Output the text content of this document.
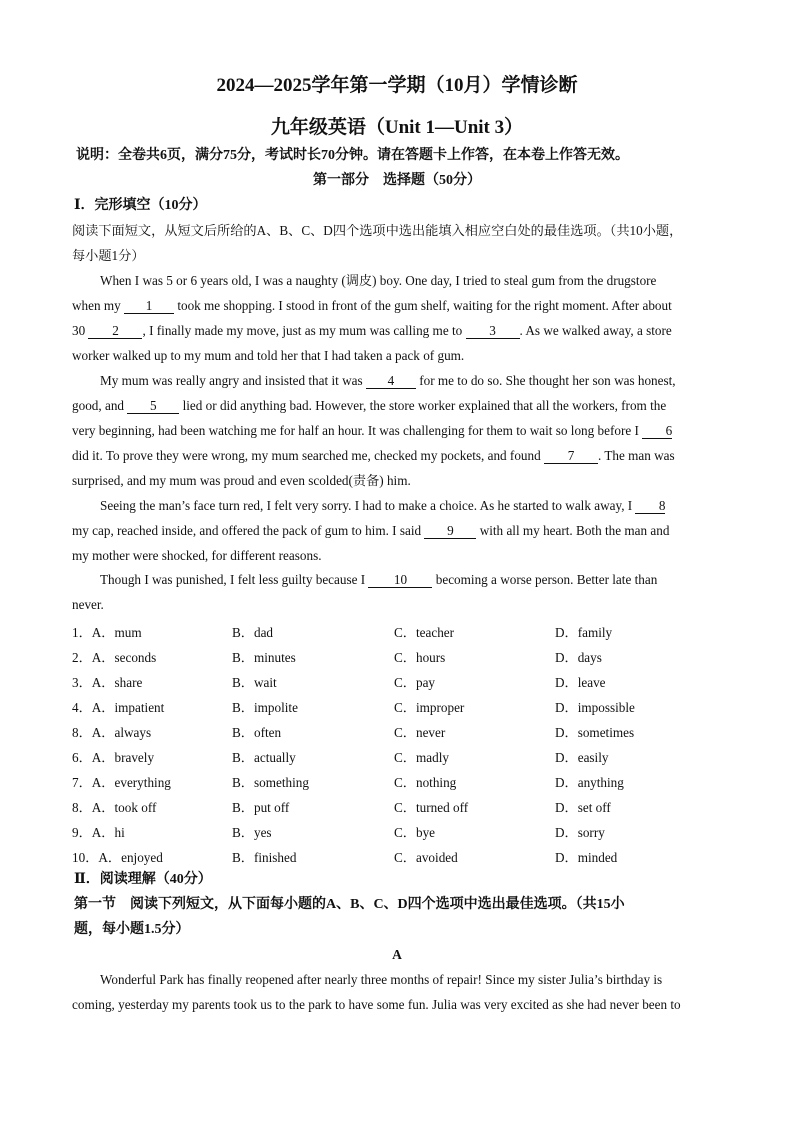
2024—2025学年第一学期（10月）学情诊断
九年级英语（Unit 1—Unit 3）
说明：全卷共6页，满分75分，考试时长70分钟。请在答题卡上作答，在本卷上作答无效。
第一部分　选择题（50分）
Ⅰ．完形填空（10分）
阅读下面短文，从短文后所给的A、B、C、D四个选项中选出能填入相应空白处的最佳选项。（共10小题，
每小题1分）
When I was 5 or 6 years old, I was a naughty (调皮) boy. One day, I tried to steal gum from the drugstore
when my 1 took me shopping. I stood in front of the gum shelf, waiting for the right moment. After about
30 2 , I finally made my move, just as my mum was calling me to 3 . As we walked away, a store
worker walked up to my mum and told her that I had taken a pack of gum.
My mum was really angry and insisted that it was 4 for me to do so. She thought her son was honest,
good, and 5 lied or did anything bad. However, the store worker explained that all the workers, from the
very beginning, had been watching me for half an hour. It was challenging for them to wait so long before I 6
did it. To prove they were wrong, my mum searched me, checked my pockets, and found 7 . The man was
surprised, and my mum was proud and even scolded(责备) him.
Seeing the man’s face turn red, I felt very sorry. I had to make a choice. As he started to walk away, I 8
my cap, reached inside, and offered the pack of gum to him. I said 9 with all my heart. Both the man and
my mother were shocked, for different reasons.
Though I was punished, I felt less guilty because I 10 becoming a worse person. Better late than
never.
1．A．mum	B．dad	C．teacher	D．family
2．A．seconds	B．minutes	C．hours	D．days
3．A．share	B．wait	C．pay	D．leave
4．A．impatient	B．impolite	C．improper	D．impossible
8．A．always	B．often	C．never	D．sometimes
6．A．bravely	B．actually	C．madly	D．easily
7．A．everything	B．something	C．nothing	D．anything
8．A．took off	B．put off	C．turned off	D．set off
9．A．hi	B．yes	C．bye	D．sorry
10．A．enjoyed	B．finished	C．avoided	D．minded
Ⅱ．阅读理解（40分）
第一节　阅读下列短文，从下面每小题的A、B、C、D四个选项中选出最佳选项。（共15小
题，每小题1.5分）
A
Wonderful Park has finally reopened after nearly three months of repair! Since my sister Julia’s birthday is
coming, yesterday my parents took us to the park to have some fun. Julia was very excited as she had never been to
